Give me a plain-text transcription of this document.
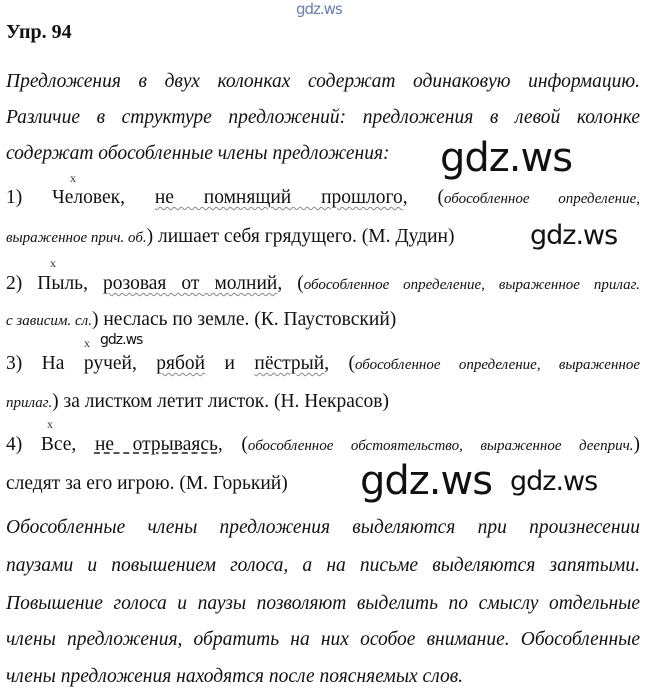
Упр. 94
gdz.ws
gdz.ws
gdz.ws
gdz.ws
gdz.ws gdz.ws
x
x
x
x
Предложения в двух колонках содержат одинаковую информацию.
Различие в структуре предложений: предложения в левой колонке
содержат обособленные члены предложения:
1) Человек, не помнящий прошлого, (обособленное определение,
выраженное прич. об.) лишает себя грядущего. (М. Дудин)
2) Пыль, розовая от молний, (обособленное определение, выраженное прилаг.
с зависим. сл.) неслась по земле. (К. Паустовский)
3) На ручей, рябой и пёстрый, (обособленное определение, выраженное
прилаг.) за листком летит листок. (Н. Некрасов)
4) Все, не отрываясь, (обособленное обстоятельство, выраженное дееприч.)
следят за его игрою. (М. Горький)
Обособленные члены предложения выделяются при произнесении
паузами и повышением голоса, а на письме выделяются запятыми.
Повышение голоса и паузы позволяют выделить по смыслу отдельные
члены предложения, обратить на них особое внимание. Обособленные
члены предложения находятся после поясняемых слов.
